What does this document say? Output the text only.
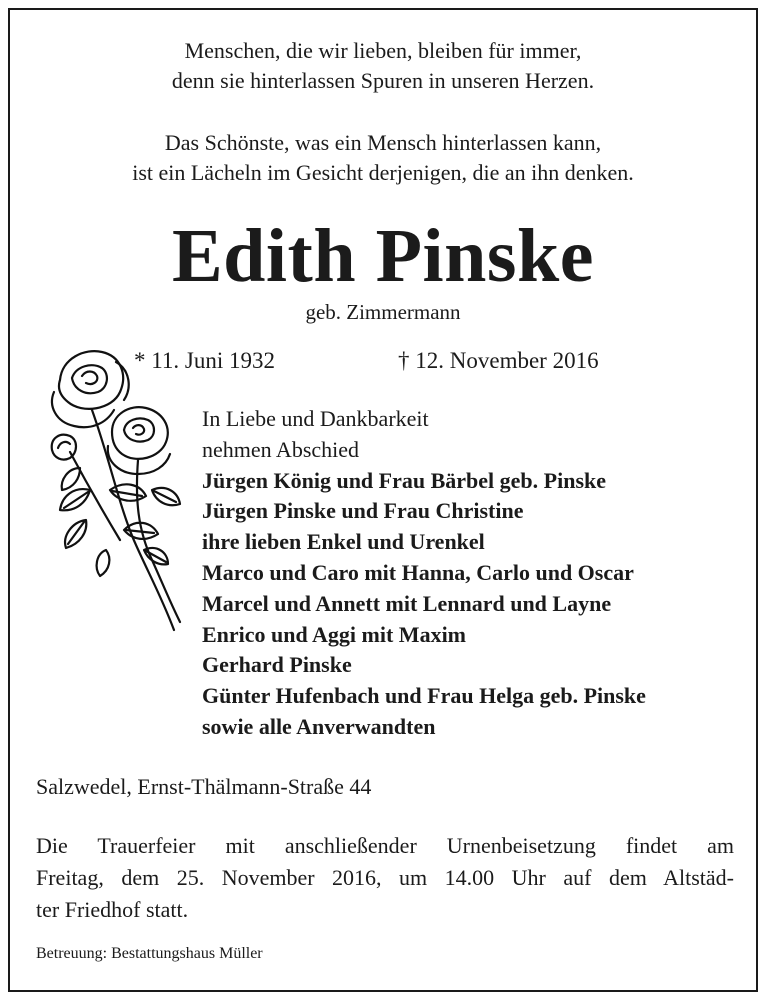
Menschen, die wir lieben, bleiben für immer,

denn sie hinterlassen Spuren in unseren Herzen.

Das Schönste, was ein Mensch hinterlassen kann,

ist ein Lächeln im Gesicht derjenigen, die an ihn denken.

Edith Pinske
geb. Zimmermann
* 11. Juni 1932	† 12. November 2016
In Liebe und Dankbarkeit
nehmen Abschied
Jürgen König und Frau Bärbel geb. Pinske
Jürgen Pinske und Frau Christine
ihre lieben Enkel und Urenkel
Marco und Caro mit Hanna, Carlo und Oscar
Marcel und Annett mit Lennard und Layne
Enrico und Aggi mit Maxim
Gerhard Pinske
Günter Hufenbach und Frau Helga geb. Pinske
sowie alle Anverwandten
Salzwedel, Ernst-Thälmann-Straße 44
Die Trauerfeier mit anschließender Urnenbeisetzung findet am
Freitag, dem 25. November 2016, um 14.00 Uhr auf dem Altstäd-
ter Friedhof statt.
Betreuung: Bestattungshaus Müller
